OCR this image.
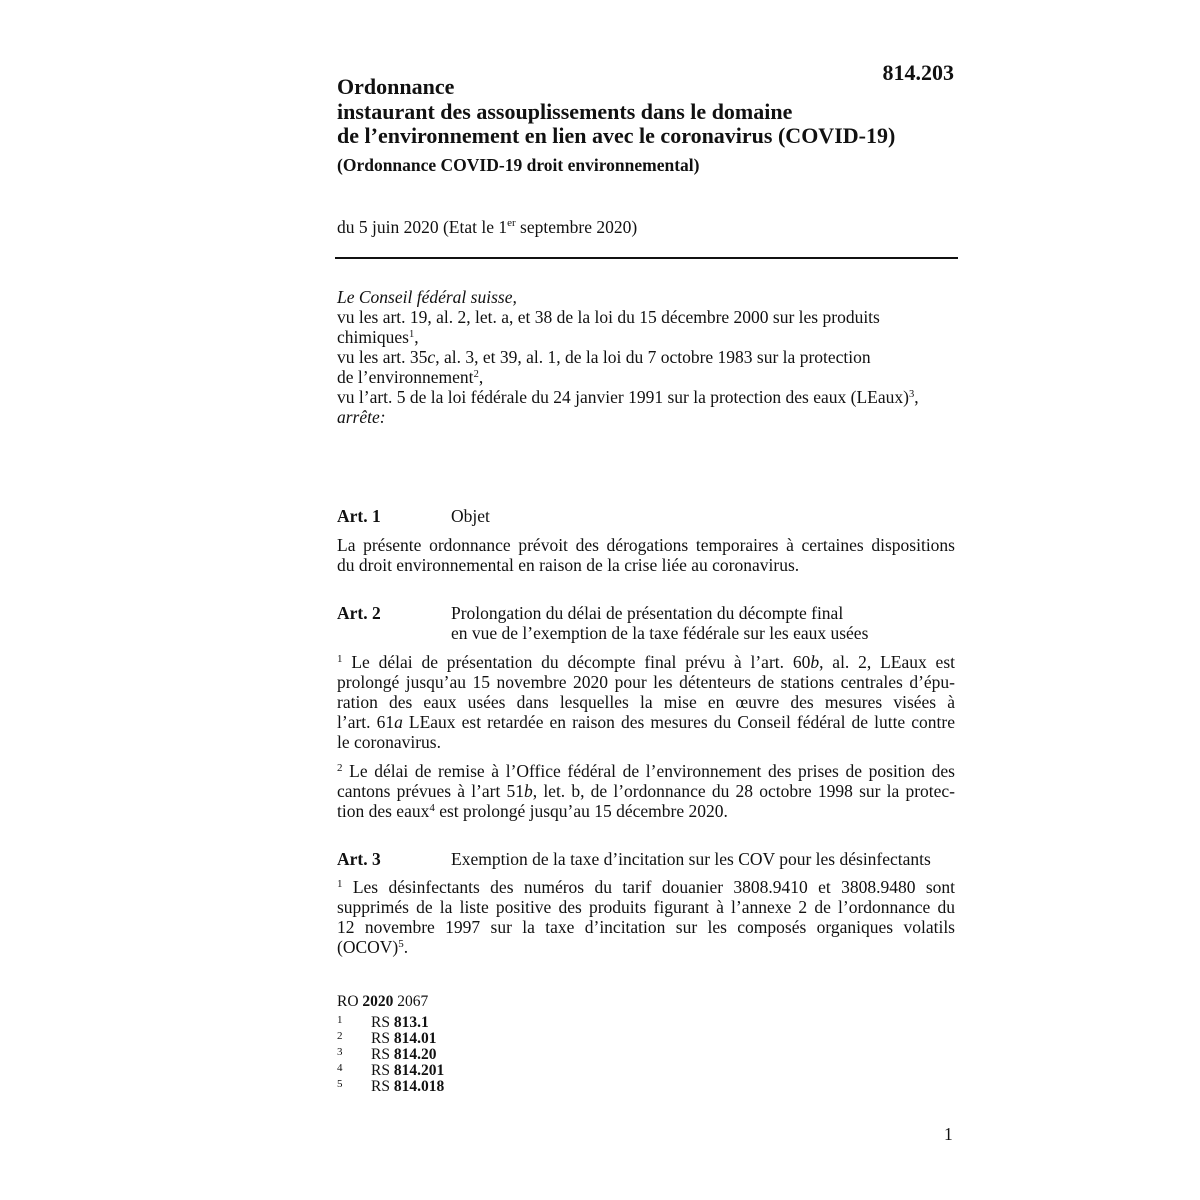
814.203
Ordonnance
instaurant des assouplissements dans le domaine
de l’environnement en lien avec le coronavirus (COVID-19)
(Ordonnance COVID-19 droit environnemental)
du 5 juin 2020 (Etat le 1er septembre 2020)
Le Conseil fédéral suisse,
vu les art. 19, al. 2, let. a, et 38 de la loi du 15 décembre 2000 sur les produits
chimiques$^1$,
vu les art. 35c, al. 3, et 39, al. 1, de la loi du 7 octobre 1983 sur la protection
de l’environnement$^2$,
vu l’art. 5 de la loi fédérale du 24 janvier 1991 sur la protection des eaux (LEaux)$^3$,
arrête:
Art. 1	Objet
La présente ordonnance prévoit des dérogations temporaires à certaines dispositions
du droit environnemental en raison de la crise liée au coronavirus.
Art. 2	Prolongation du délai de présentation du décompte final
en vue de l’exemption de la taxe fédérale sur les eaux usées
$^1$ Le délai de présentation du décompte final prévu à l’art. 60b, al. 2, LEaux est
prolongé jusqu’au 15 novembre 2020 pour les détenteurs de stations centrales d’épu-
ration des eaux usées dans lesquelles la mise en œuvre des mesures visées à
l’art. 61a LEaux est retardée en raison des mesures du Conseil fédéral de lutte contre
le coronavirus.
$^2$ Le délai de remise à l’Office fédéral de l’environnement des prises de position des
cantons prévues à l’art 51b, let. b, de l’ordonnance du 28 octobre 1998 sur la protec-
tion des eaux$^4$ est prolongé jusqu’au 15 décembre 2020.
Art. 3	Exemption de la taxe d’incitation sur les COV pour les désinfectants
$^1$ Les désinfectants des numéros du tarif douanier 3808.9410 et 3808.9480 sont
supprimés de la liste positive des produits figurant à l’annexe 2 de l’ordonnance du
12 novembre 1997 sur la taxe d’incitation sur les composés organiques volatils
(OCOV)$^5$.
RO 2020 2067
1 RS 813.1
2 RS 814.01
3 RS 814.20
4 RS 814.201
5 RS 814.018
1
